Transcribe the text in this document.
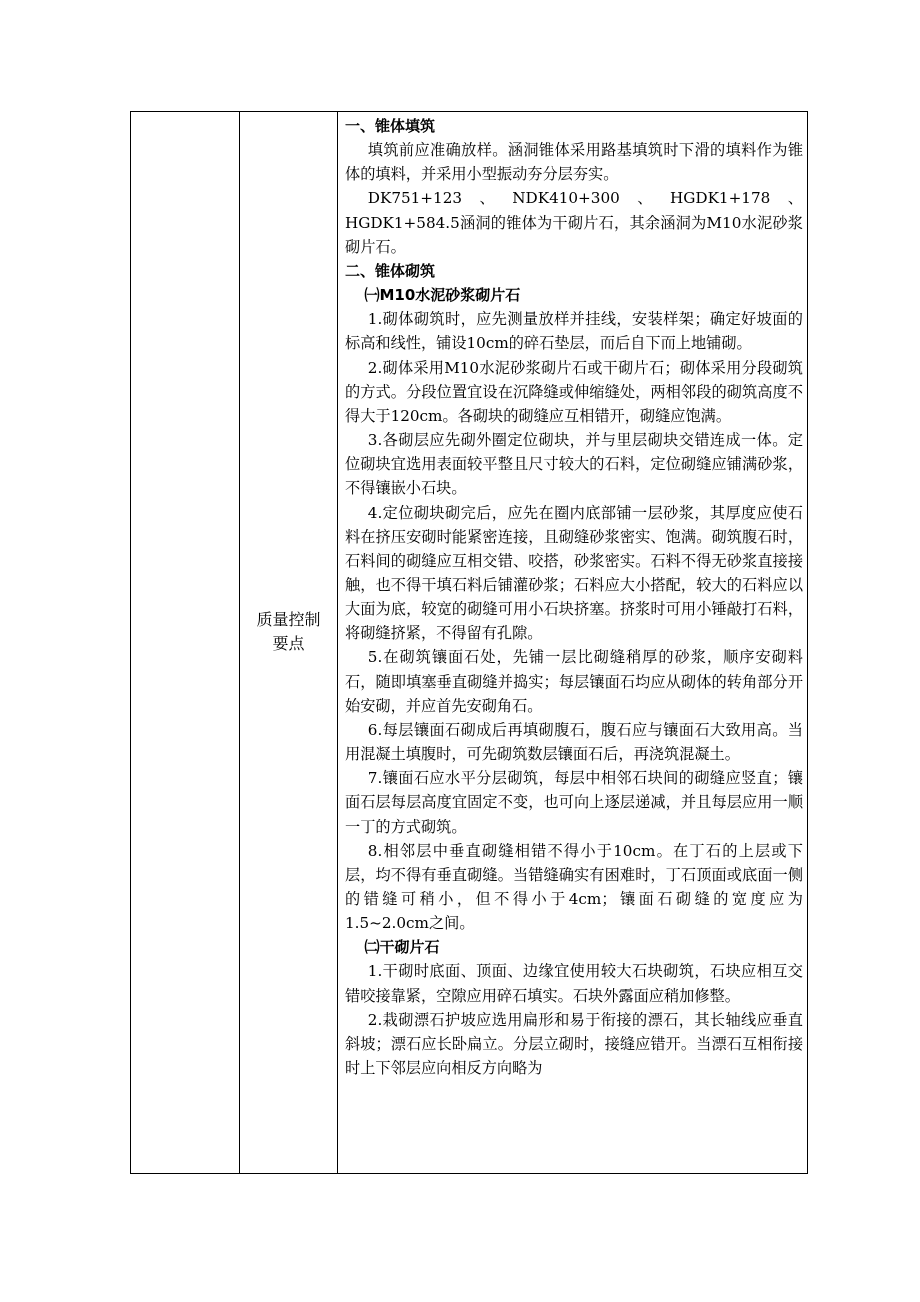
质量控制
要点

一、锥体填筑

填筑前应准确放样。涵洞锥体采用路基填筑时下滑的填料作为锥体的填料，并采用小型振动夯分层夯实。

DK751+123、NDK410+300、HGDK1+178、HGDK1+584.5涵洞的锥体为干砌片石，其余涵洞为M10水泥砂浆砌片石。

二、锥体砌筑

㈠M10水泥砂浆砌片石

1.砌体砌筑时，应先测量放样并挂线，安装样架；确定好坡面的标高和线性，铺设10cm的碎石垫层，而后自下而上地铺砌。

2.砌体采用M10水泥砂浆砌片石或干砌片石；砌体采用分段砌筑的方式。分段位置宜设在沉降缝或伸缩缝处，两相邻段的砌筑高度不得大于120cm。各砌块的砌缝应互相错开，砌缝应饱满。

3.各砌层应先砌外圈定位砌块，并与里层砌块交错连成一体。定位砌块宜选用表面较平整且尺寸较大的石料，定位砌缝应铺满砂浆，不得镶嵌小石块。

4.定位砌块砌完后，应先在圈内底部铺一层砂浆，其厚度应使石料在挤压安砌时能紧密连接，且砌缝砂浆密实、饱满。砌筑腹石时，石料间的砌缝应互相交错、咬搭，砂浆密实。石料不得无砂浆直接接触，也不得干填石料后铺灌砂浆；石料应大小搭配，较大的石料应以大面为底，较宽的砌缝可用小石块挤塞。挤浆时可用小锤敲打石料，将砌缝挤紧，不得留有孔隙。

5.在砌筑镶面石处，先铺一层比砌缝稍厚的砂浆，顺序安砌料石，随即填塞垂直砌缝并捣实；每层镶面石均应从砌体的转角部分开始安砌，并应首先安砌角石。

6.每层镶面石砌成后再填砌腹石，腹石应与镶面石大致用高。当用混凝土填腹时，可先砌筑数层镶面石后，再浇筑混凝土。

7.镶面石应水平分层砌筑，每层中相邻石块间的砌缝应竖直；镶面石层每层高度宜固定不变，也可向上逐层递减，并且每层应用一顺一丁的方式砌筑。

8.相邻层中垂直砌缝相错不得小于10cm。在丁石的上层或下层，均不得有垂直砌缝。当错缝确实有困难时，丁石顶面或底面一侧的错缝可稍小，但不得小于4cm；镶面石砌缝的宽度应为1.5~2.0cm之间。

㈡干砌片石

1.干砌时底面、顶面、边缘宜使用较大石块砌筑，石块应相互交错咬接靠紧，空隙应用碎石填实。石块外露面应稍加修整。

2.栽砌漂石护坡应选用扁形和易于衔接的漂石，其长轴线应垂直斜坡；漂石应长卧扁立。分层立砌时，接缝应错开。当漂石互相衔接时上下邻层应向相反方向略为
